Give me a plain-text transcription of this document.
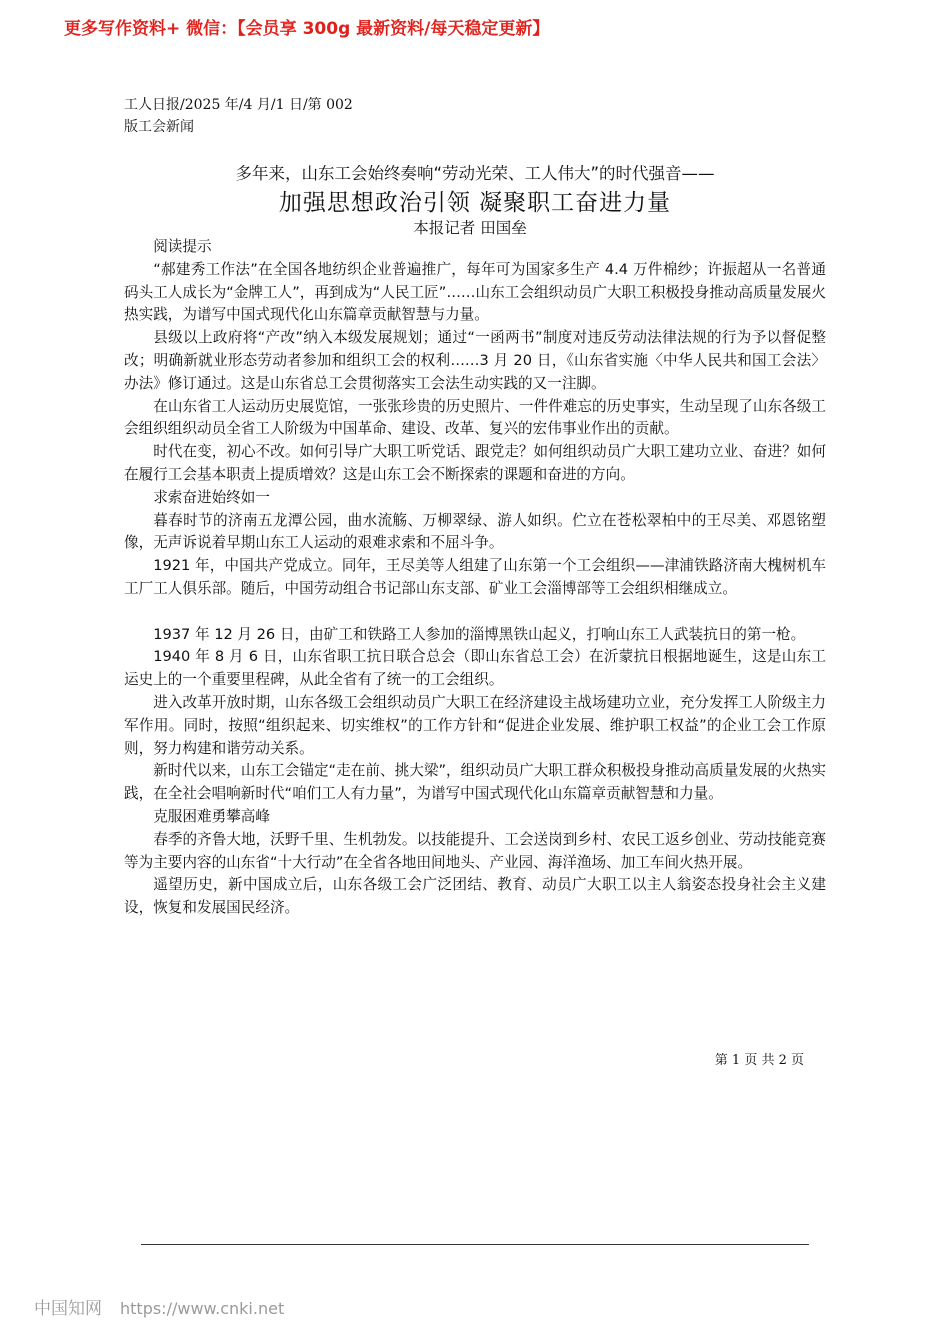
更多写作资料+ 微信：【会员享 300g 最新资料/每天稳定更新】
工人日报/2025 年/4 月/1 日/第 002
版工会新闻
多年来，山东工会始终奏响“劳动光荣、工人伟大”的时代强音——
加强思想政治引领 凝聚职工奋进力量
本报记者 田国垒

阅读提示

“郝建秀工作法”在全国各地纺织企业普遍推广，每年可为国家多生产 4.4 万件棉纱；许振超从一名普通码头工人成长为“金牌工人”，再到成为“人民工匠”……山东工会组织动员广大职工积极投身推动高质量发展火热实践，为谱写中国式现代化山东篇章贡献智慧与力量。

县级以上政府将“产改”纳入本级发展规划；通过“一函两书”制度对违反劳动法律法规的行为予以督促整改；明确新就业形态劳动者参加和组织工会的权利……3 月 20 日，《山东省实施〈中华人民共和国工会法〉办法》修订通过。这是山东省总工会贯彻落实工会法生动实践的又一注脚。

在山东省工人运动历史展览馆，一张张珍贵的历史照片、一件件难忘的历史事实，生动呈现了山东各级工会组织组织动员全省工人阶级为中国革命、建设、改革、复兴的宏伟事业作出的贡献。

时代在变，初心不改。如何引导广大职工听党话、跟党走？如何组织动员广大职工建功立业、奋进？如何在履行工会基本职责上提质增效？这是山东工会不断探索的课题和奋进的方向。

求索奋进始终如一

暮春时节的济南五龙潭公园，曲水流觞、万柳翠绿、游人如织。伫立在苍松翠柏中的王尽美、邓恩铭塑像，无声诉说着早期山东工人运动的艰难求索和不屈斗争。

1921 年，中国共产党成立。同年，王尽美等人组建了山东第一个工会组织——津浦铁路济南大槐树机车工厂工人俱乐部。随后，中国劳动组合书记部山东支部、矿业工会淄博部等工会组织相继成立。

1937 年 12 月 26 日，由矿工和铁路工人参加的淄博黑铁山起义，打响山东工人武装抗日的第一枪。

1940 年 8 月 6 日，山东省职工抗日联合总会（即山东省总工会）在沂蒙抗日根据地诞生，这是山东工运史上的一个重要里程碑，从此全省有了统一的工会组织。

进入改革开放时期，山东各级工会组织动员广大职工在经济建设主战场建功立业，充分发挥工人阶级主力军作用。同时，按照“组织起来、切实维权”的工作方针和“促进企业发展、维护职工权益”的企业工会工作原则，努力构建和谐劳动关系。

新时代以来，山东工会锚定“走在前、挑大梁”，组织动员广大职工群众积极投身推动高质量发展的火热实践，在全社会唱响新时代“咱们工人有力量”，为谱写中国式现代化山东篇章贡献智慧和力量。

克服困难勇攀高峰

春季的齐鲁大地，沃野千里、生机勃发。以技能提升、工会送岗到乡村、农民工返乡创业、劳动技能竞赛等为主要内容的山东省“十大行动”在全省各地田间地头、产业园、海洋渔场、加工车间火热开展。

遥望历史，新中国成立后，山东各级工会广泛团结、教育、动员广大职工以主人翁姿态投身社会主义建设，恢复和发展国民经济。

第 1 页 共 2 页
中国知网 https://www.cnki.net
